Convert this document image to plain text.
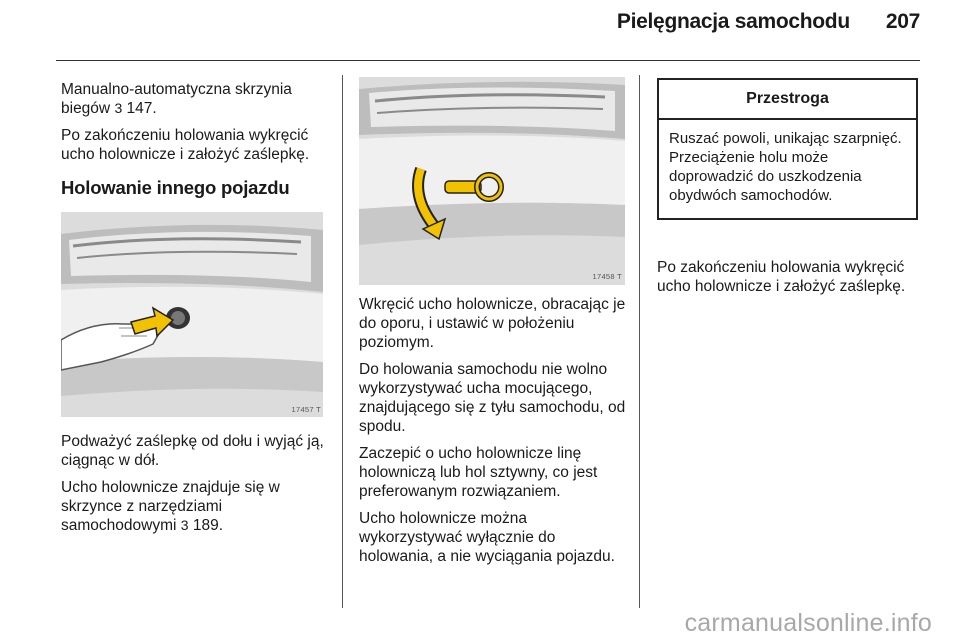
Pielęgnacja samochodu 207

Manualno-automatyczna skrzynia biegów 3 147.

Po zakończeniu holowania wykręcić ucho holownicze i założyć zaślepkę.

Holowanie innego pojazdu
17457 T

Podważyć zaślepkę od dołu i wyjąć ją, ciągnąc w dół.

Ucho holownicze znajduje się w skrzynce z narzędziami samochodowymi 3 189.

17458 T

Wkręcić ucho holownicze, obracając je do oporu, i ustawić w położeniu poziomym.

Do holowania samochodu nie wolno wykorzystywać ucha mocującego, znajdującego się z tyłu samochodu, od spodu.

Zaczepić o ucho holownicze linę holowniczą lub hol sztywny, co jest preferowanym rozwiązaniem.

Ucho holownicze można wykorzystywać wyłącznie do holowania, a nie wyciągania pojazdu.

Przestroga
Ruszać powoli, unikając szarpnięć. Przeciążenie holu może doprowadzić do uszkodzenia obydwóch samochodów.

Po zakończeniu holowania wykręcić ucho holownicze i założyć zaślepkę.

carmanualsonline.info
